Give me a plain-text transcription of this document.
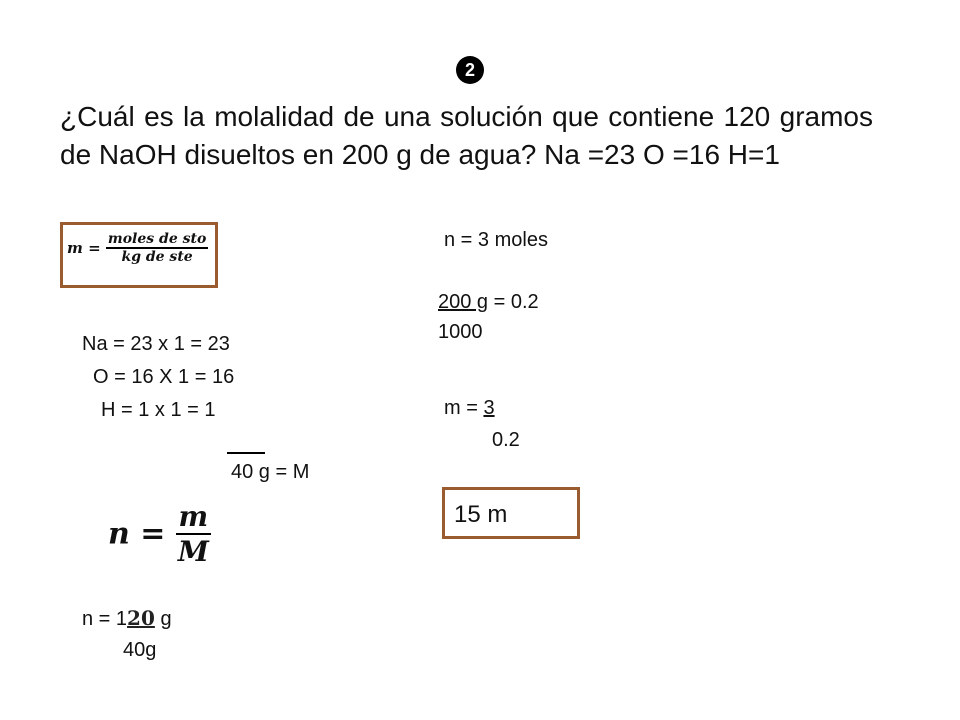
2
¿Cuál es la molalidad de una solución que contiene 120 gramos de NaOH disueltos en 200 g de agua? Na =23 O =16 H=1
$m = \frac{\text{moles de sto}}{\text{kg de ste}}$
Na = 23 x 1 = 23
O = 16 X 1 = 16
H = 1 x 1 = 1
40 g = M
$n = \frac{m}{M}$
n = 120 g
40g
n = 3 moles
200 g = 0.2
1000
m = 3
0.2
15 m
